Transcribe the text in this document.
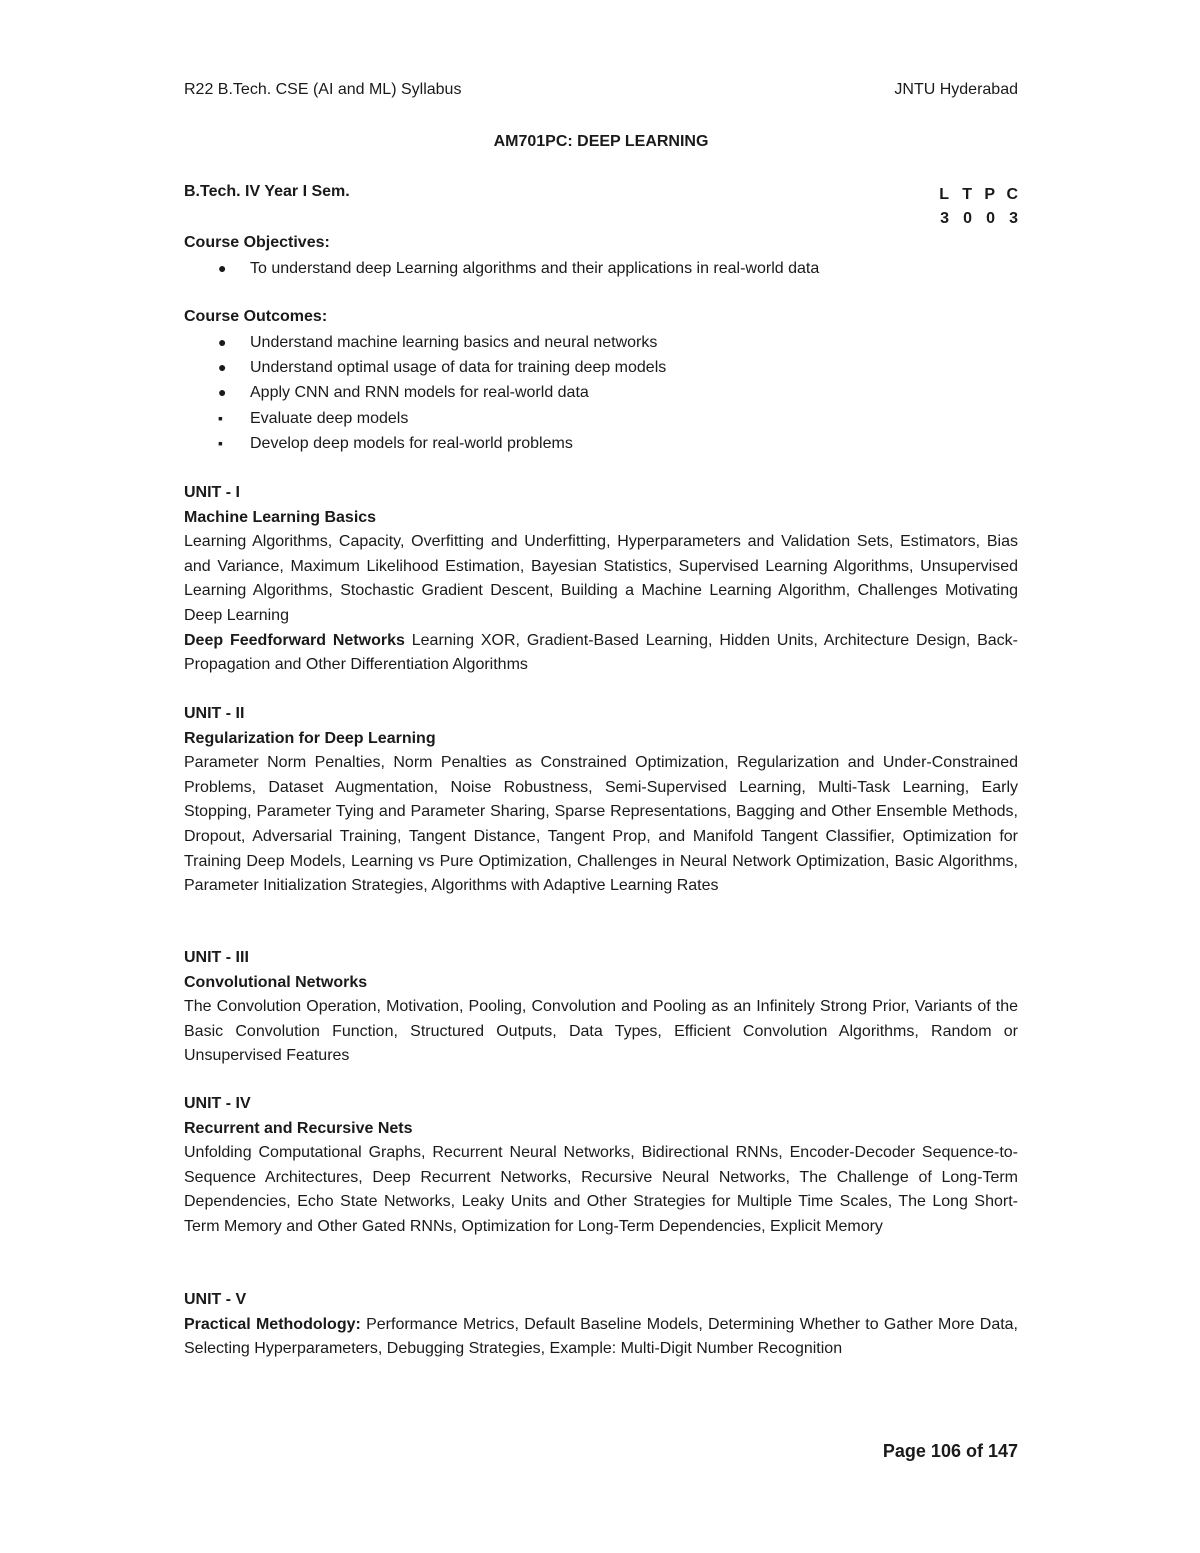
R22 B.Tech. CSE (AI and ML) Syllabus	JNTU Hyderabad
AM701PC: DEEP LEARNING
B.Tech. IV Year I Sem.	L T P C
3 0 0 3
Course Objectives:
● To understand deep Learning algorithms and their applications in real-world data
Course Outcomes:
● Understand machine learning basics and neural networks
● Understand optimal usage of data for training deep models
● Apply CNN and RNN models for real-world data
▪ Evaluate deep models
▪ Develop deep models for real-world problems
UNIT - I
Machine Learning Basics
Learning Algorithms, Capacity, Overfitting and Underfitting, Hyperparameters and Validation Sets, Estimators, Bias and Variance, Maximum Likelihood Estimation, Bayesian Statistics, Supervised Learning Algorithms, Unsupervised Learning Algorithms, Stochastic Gradient Descent, Building a Machine Learning Algorithm, Challenges Motivating Deep Learning
Deep Feedforward Networks Learning XOR, Gradient-Based Learning, Hidden Units, Architecture Design, Back-Propagation and Other Differentiation Algorithms
UNIT - II
Regularization for Deep Learning
Parameter Norm Penalties, Norm Penalties as Constrained Optimization, Regularization and Under-Constrained Problems, Dataset Augmentation, Noise Robustness, Semi-Supervised Learning, Multi-Task Learning, Early Stopping, Parameter Tying and Parameter Sharing, Sparse Representations, Bagging and Other Ensemble Methods, Dropout, Adversarial Training, Tangent Distance, Tangent Prop, and Manifold Tangent Classifier, Optimization for Training Deep Models, Learning vs Pure Optimization, Challenges in Neural Network Optimization, Basic Algorithms, Parameter Initialization Strategies, Algorithms with Adaptive Learning Rates
UNIT - III
Convolutional Networks
The Convolution Operation, Motivation, Pooling, Convolution and Pooling as an Infinitely Strong Prior, Variants of the Basic Convolution Function, Structured Outputs, Data Types, Efficient Convolution Algorithms, Random or Unsupervised Features
UNIT - IV
Recurrent and Recursive Nets
Unfolding Computational Graphs, Recurrent Neural Networks, Bidirectional RNNs, Encoder-Decoder Sequence-to-Sequence Architectures, Deep Recurrent Networks, Recursive Neural Networks, The Challenge of Long-Term Dependencies, Echo State Networks, Leaky Units and Other Strategies for Multiple Time Scales, The Long Short-Term Memory and Other Gated RNNs, Optimization for Long-Term Dependencies, Explicit Memory
UNIT - V
Practical Methodology: Performance Metrics, Default Baseline Models, Determining Whether to Gather More Data, Selecting Hyperparameters, Debugging Strategies, Example: Multi-Digit Number Recognition
Page 106 of 147
